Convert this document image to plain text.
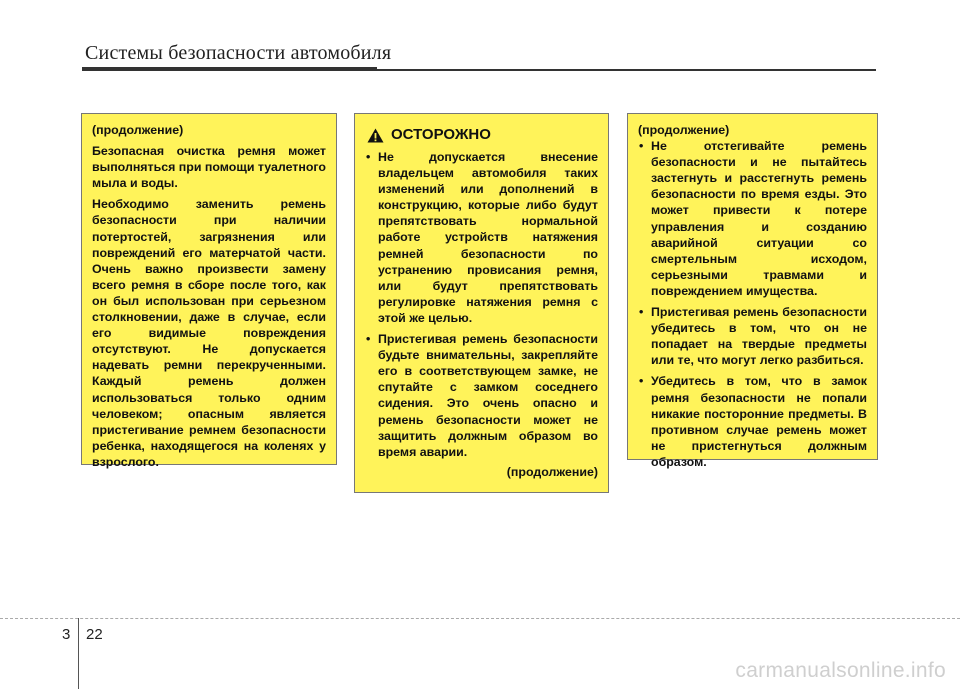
Системы безопасности автомобиля

(продолжение)

Безопасная очистка ремня может выполняться при помощи туалетного мыла и воды.

Необходимо заменить ремень безопасности при наличии потертостей, загрязнения или повреждений его матерчатой части. Очень важно произвести замену всего ремня в сборе после того, как он был использован при серьезном столкновении, даже в случае, если его видимые повреждения отсутствуют. Не допускается надевать ремни перекрученными. Каждый ремень должен использоваться только одним человеком; опасным является пристегивание ремнем безопасности ребенка, находящегося на коленях у взрослого.

ОСТОРОЖНО
• Не допускается внесение владельцем автомобиля таких изменений или дополнений в конструкцию, которые либо будут препятствовать нормальной работе устройств натяжения ремней безопасности по устранению провисания ремня, или будут препятствовать регулировке натяжения ремня с этой же целью.
• Пристегивая ремень безопасности будьте внимательны, закрепляйте его в соответствующем замке, не спутайте с замком соседнего сидения. Это очень опасно и ремень безопасности может не защитить должным образом во время аварии.

(продолжение)

(продолжение)

• Не отстегивайте ремень безопасности и не пытайтесь застегнуть и расстегнуть ремень безопасности по время езды. Это может привести к потере управления и созданию аварийной ситуации со смертельным исходом, серьезными травмами и повреждением имущества.
• Пристегивая ремень безопасности убедитесь в том, что он не попадает на твердые предметы или те, что могут легко разбиться.
• Убедитесь в том, что в замок ремня безопасности не попали никакие посторонние предметы. В противном случае ремень может не пристегнуться должным образом.
3 22
carmanualsonline.info
